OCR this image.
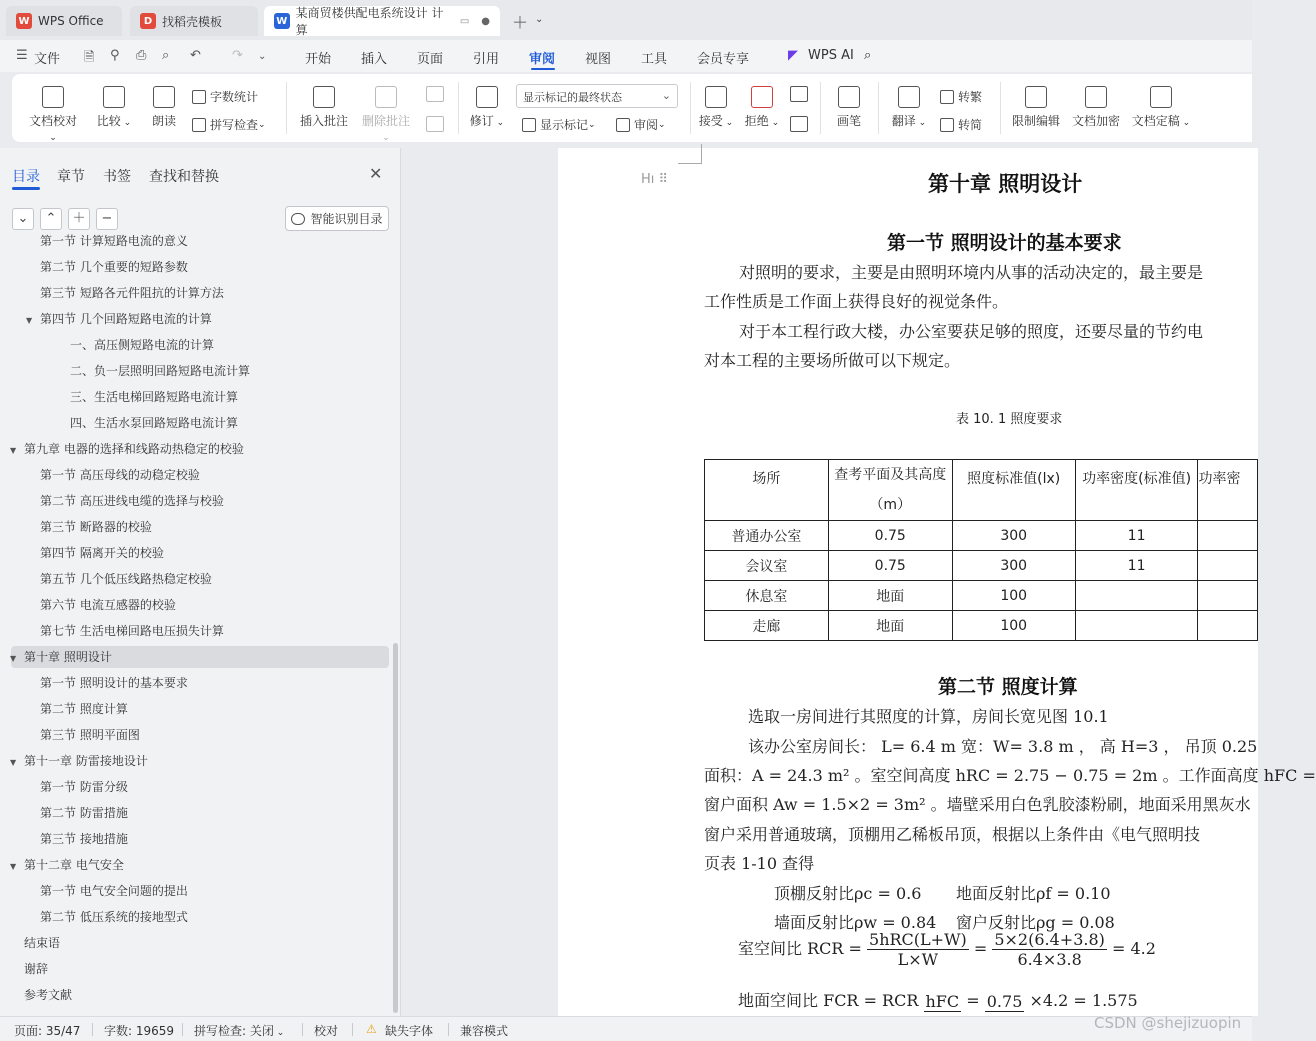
W WPS Office	D 找稻壳模板	W
某商贸楼供配电系统设计 计算
▭ ● ＋ ⌄
☰ 文件 🗎 ⚲ ⎙ ⌕ ↶ ↷ ⌄	开始 插入 页面 引用 审阅 视图 工具 会员专享	◤ WPS AI ⌕
文档校对 ⌄
比较 ⌄	朗读
字数统计
拼写检查 ⌄	插入批注	删除批注 ⌄
修订 ⌄
显示标记的最终状态	⌄
显示标记 ⌄	审阅 ⌄	接受 ⌄ 拒绝 ⌄	画笔	翻译 ⌄
转繁
转简 限制编辑 文档加密 文档定稿 ⌄
目录 章节 书签 查找和替换	✕
⌄	⌃	＋	−	智能识别目录
第一节 计算短路电流的意义
第二节 几个重要的短路参数
第三节 短路各元件阻抗的计算方法
▼ 第四节 几个回路短路电流的计算
一、高压侧短路电流的计算
二、负一层照明回路短路电流计算
三、生活电梯回路短路电流计算
四、生活水泵回路短路电流计算
▼ 第九章 电器的选择和线路动热稳定的校验
第一节 高压母线的动稳定校验
第二节 高压进线电缆的选择与校验
第三节 断路器的校验
第四节 隔离开关的校验
第五节 几个低压线路热稳定校验
第六节 电流互感器的校验
第七节 生活电梯回路电压损失计算
▼ 第十章 照明设计
第一节 照明设计的基本要求
第二节 照度计算
第三节 照明平面图
▼ 第十一章 防雷接地设计
第一节 防雷分级
第二节 防雷措施
第三节 接地措施
▼ 第十二章 电气安全
第一节 电气安全问题的提出
第二节 低压系统的接地型式
结束语
谢辞
参考文献
Hı ⠿	第十章 照明设计
第一节 照明设计的基本要求
对照明的要求，主要是由照明环境内从事的活动决定的，最主要是
工作性质是工作面上获得良好的视觉条件。
对于本工程行政大楼，办公室要获足够的照度，还要尽量的节约电
对本工程的主要场所做可以下规定。
表 10. 1 照度要求
场所	查考平面及其高度（m）	照度标准值(lx)	功率密度(标准值)	功率密
普通办公室	0.75	300	11	
会议室	0.75	300	11	
休息室	地面	100		
走廊	地面	100		
第二节 照度计算
选取一房间进行其照度的计算，房间长宽见图 10.1
该办公室房间长： L= 6.4 m 宽：W= 3.8 m ， 高 H=3 ， 吊顶 0.25
面积：A = 24.3 m² 。室空间高度 hRC = 2.75 − 0.75 = 2m 。工作面高度 hFC =
窗户面积 Aw = 1.5×2 = 3m² 。墙壁采用白色乳胶漆粉刷，地面采用黑灰水
窗户采用普通玻璃，顶棚用乙稀板吊顶，根据以上条件由《电气照明技
页表 1-10 查得
顶棚反射比ρc = 0.6 地面反射比ρf = 0.10
墙面反射比ρw = 0.84 窗户反射比ρg = 0.08
室空间比 RCR = $\frac{\text{5hRC(L+W)}}{L\times W} = \frac{5\times 2(6.4+3.8)}{6.4\times 3.8} = 4.2$
地面空间比 FCR = RCR hFC = 0.75 ×4.2 = 1.575
页面: 35/47 字数: 19659 拼写检查: 关闭 ⌄ 校对 ⚠ 缺失字体 兼容模式	CSDN @shejizuopin
